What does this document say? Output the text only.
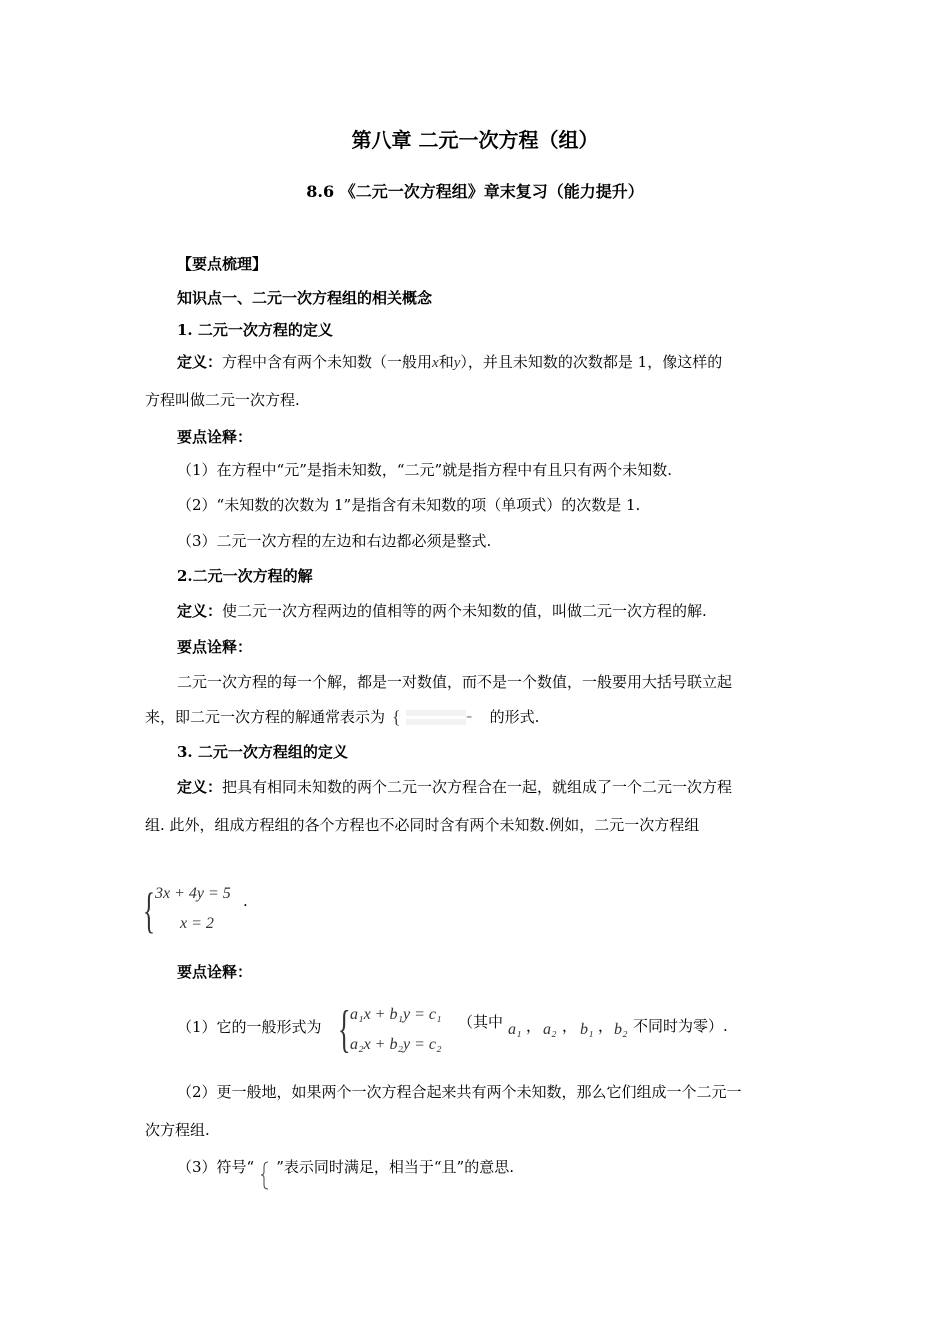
第八章 二元一次方程（组）
8.6 《二元一次方程组》章末复习（能力提升）
【要点梳理】
知识点一、二元一次方程组的相关概念
1. 二元一次方程的定义
定义：方程中含有两个未知数（一般用x和y），并且未知数的次数都是 1，像这样的
方程叫做二元一次方程.
要点诠释：
（1）在方程中“元”是指未知数，“二元”就是指方程中有且只有两个未知数.
（2）“未知数的次数为 1”是指含有未知数的项（单项式）的次数是 1.
（3）二元一次方程的左边和右边都必须是整式.
2.二元一次方程的解
定义：使二元一次方程两边的值相等的两个未知数的值，叫做二元一次方程的解.
要点诠释：
二元一次方程的每一个解，都是一对数值，而不是一个数值，一般要用大括号联立起
来，即二元一次方程的解通常表示为 {	⁼ 的形式.
3. 二元一次方程组的定义
定义：把具有相同未知数的两个二元一次方程合在一起，就组成了一个二元一次方程
组. 此外，组成方程组的各个方程也不必同时含有两个未知数.例如，二元一次方程组
{ 3x + 4y = 5
x = 2
.
要点诠释：
（1）它的一般形式为 { a₁x + b₁y = c₁
a₂x + b₂y = c₂
（其中 a₁ ， a₂ ， b₁ ， b₂ 不同时为零）.
（2）更一般地，如果两个一次方程合起来共有两个未知数，那么它们组成一个二元一
次方程组.
（3）符号“ ”表示同时满足，相当于“且”的意思.
